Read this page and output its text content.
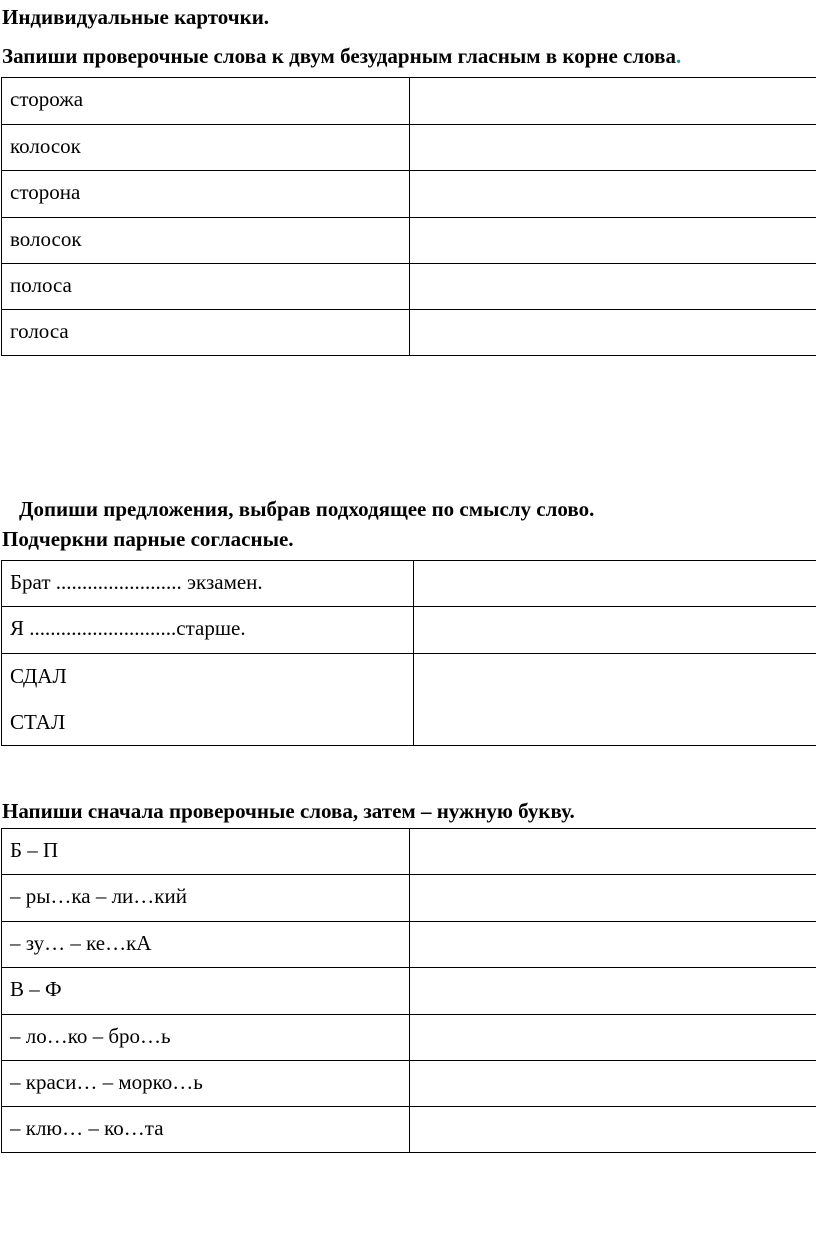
Индивидуальные карточки.
Запиши проверочные слова к двум безударным гласным в корне слова.
сторожа	

колосок	

сторона	

волосок	

полоса	

голоса	

Допиши предложения, выбрав подходящее по смыслу слово.
Подчеркни парные согласные.
Брат ........................ экзамен.	

Я ............................старше.	

СДАЛ
СТАЛ	

Напиши сначала проверочные слова, затем – нужную букву.
Б – П	

– ры…ка – ли…кий	

– зу… – ке…кА	

В – Ф	

– ло…ко – бро…ь	

– краси… – морко…ь	

– клю… – ко…та	
